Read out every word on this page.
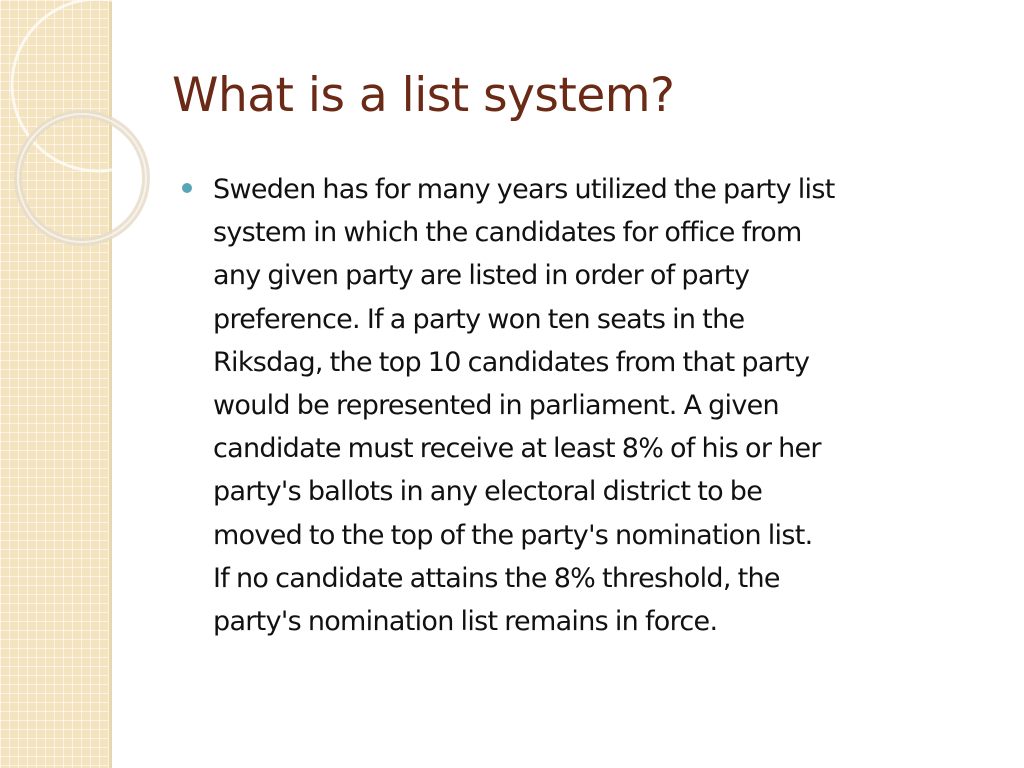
What is a list system?
Sweden has for many years utilized the party list
system in which the candidates for office from
any given party are listed in order of party
preference. If a party won ten seats in the
Riksdag, the top 10 candidates from that party
would be represented in parliament. A given
candidate must receive at least 8% of his or her
party's ballots in any electoral district to be
moved to the top of the party's nomination list.
If no candidate attains the 8% threshold, the
party's nomination list remains in force.
